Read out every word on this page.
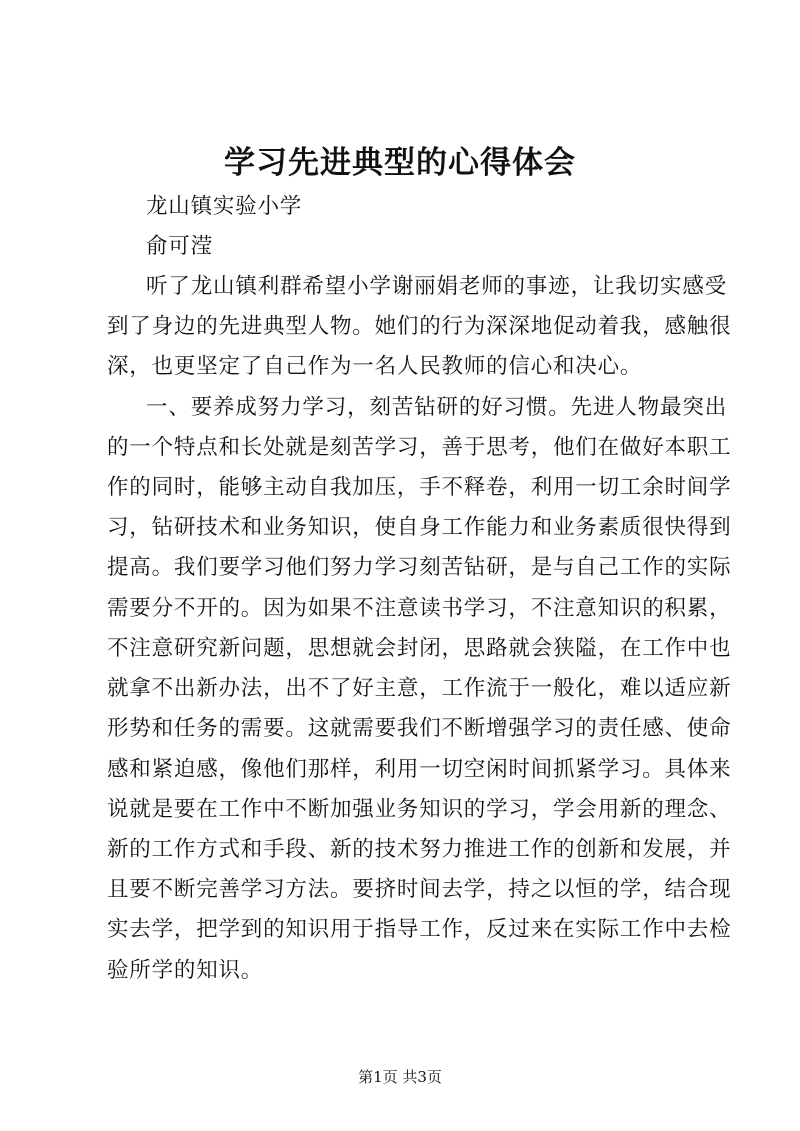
学习先进典型的心得体会

龙山镇实验小学

俞可滢

听了龙山镇利群希望小学谢丽娟老师的事迹，让我切实感受

到了身边的先进典型人物。她们的行为深深地促动着我，感触很

深，也更坚定了自己作为一名人民教师的信心和决心。

一、要养成努力学习，刻苦钻研的好习惯。先进人物最突出

的一个特点和长处就是刻苦学习，善于思考，他们在做好本职工

作的同时，能够主动自我加压，手不释卷，利用一切工余时间学

习，钻研技术和业务知识，使自身工作能力和业务素质很快得到

提高。我们要学习他们努力学习刻苦钻研，是与自己工作的实际

需要分不开的。因为如果不注意读书学习，不注意知识的积累，

不注意研究新问题，思想就会封闭，思路就会狭隘，在工作中也

就拿不出新办法，出不了好主意，工作流于一般化，难以适应新

形势和任务的需要。这就需要我们不断增强学习的责任感、使命

感和紧迫感，像他们那样，利用一切空闲时间抓紧学习。具体来

说就是要在工作中不断加强业务知识的学习，学会用新的理念、

新的工作方式和手段、新的技术努力推进工作的创新和发展，并

且要不断完善学习方法。要挤时间去学，持之以恒的学，结合现

实去学，把学到的知识用于指导工作，反过来在实际工作中去检

验所学的知识。

第1页 共3页
